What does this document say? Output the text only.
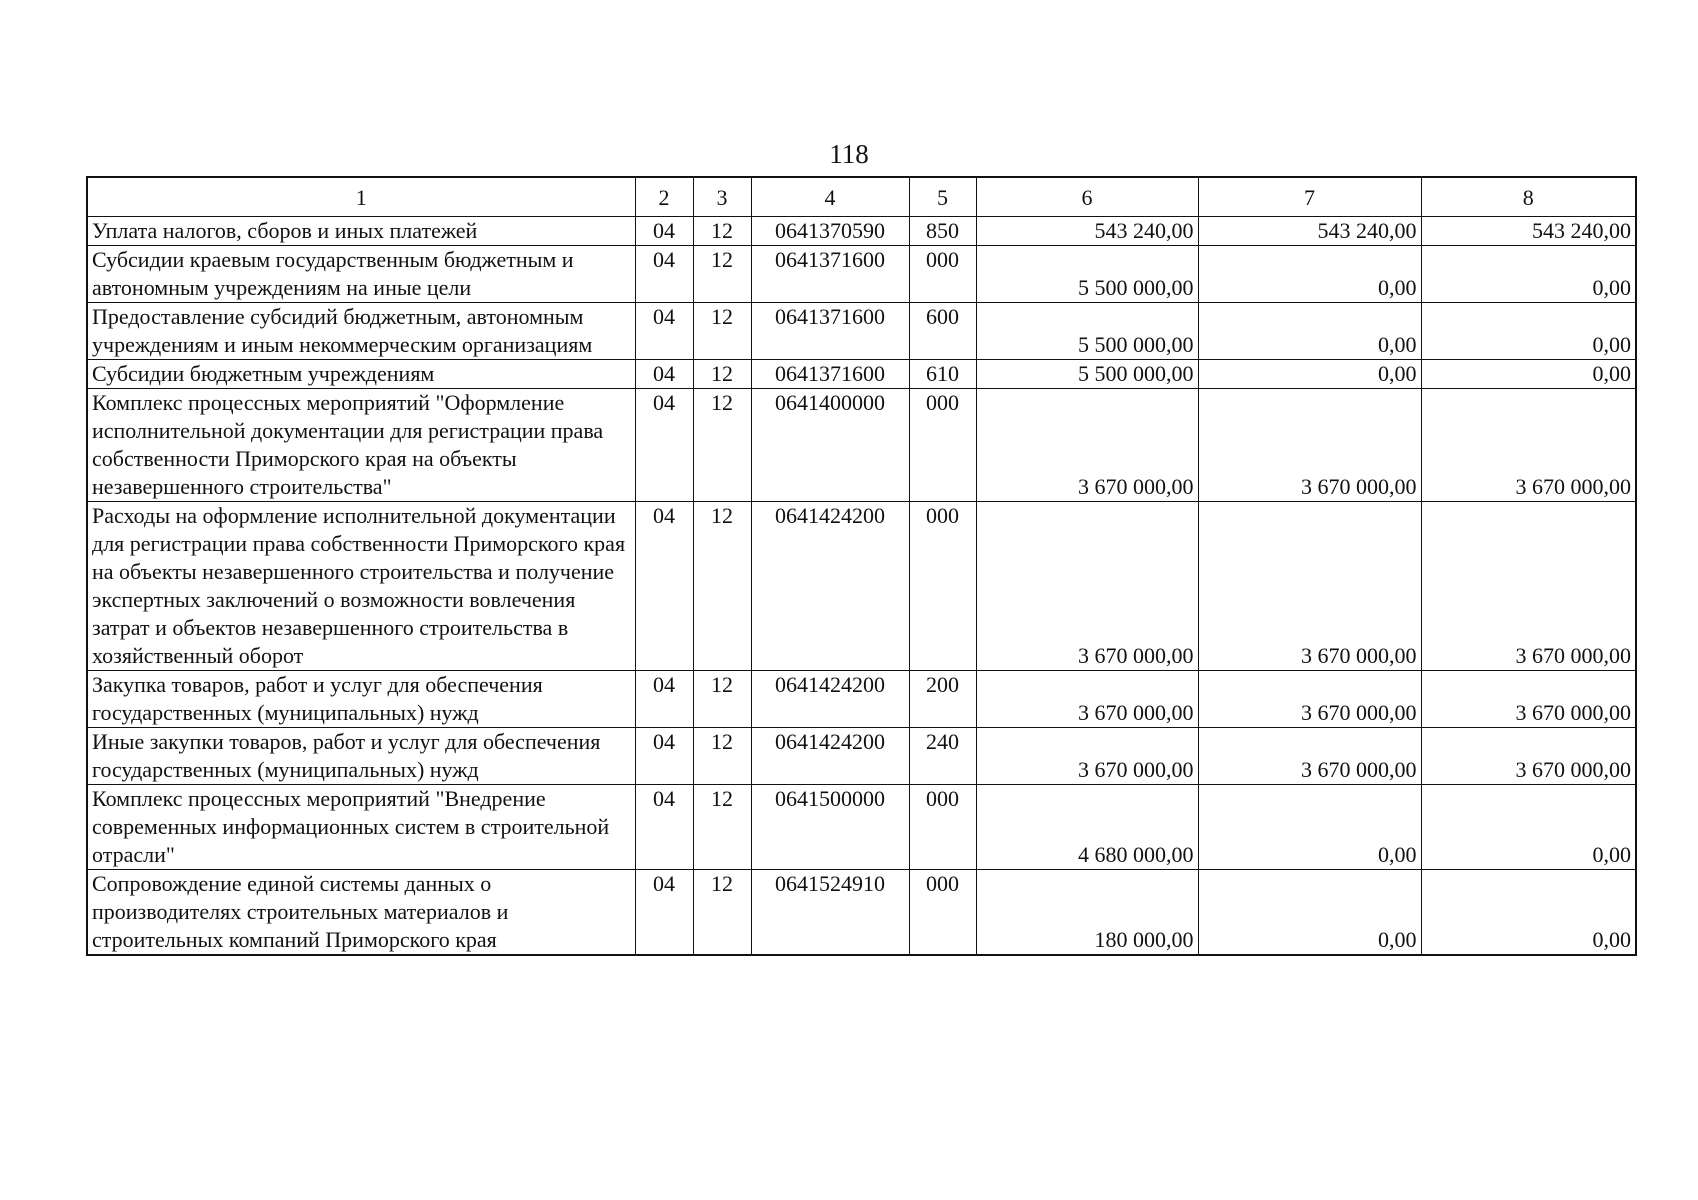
118
1	2	3	4	5	6	7	8
Уплата налогов, сборов и иных платежей	04	12	0641370590	850	543 240,00	543 240,00	543 240,00
Субсидии краевым государственным бюджетным и автономным учреждениям на иные цели	04	12	0641371600	000	5 500 000,00	0,00	0,00
Предоставление субсидий бюджетным, автономным учреждениям и иным некоммерческим организациям	04	12	0641371600	600	5 500 000,00	0,00	0,00
Субсидии бюджетным учреждениям	04	12	0641371600	610	5 500 000,00	0,00	0,00
Комплекс процессных мероприятий "Оформление исполнительной документации для регистрации права собственности Приморского края на объекты незавершенного строительства"	04	12	0641400000	000	3 670 000,00	3 670 000,00	3 670 000,00
Расходы на оформление исполнительной документации для регистрации права собственности Приморского края на объекты незавершенного строительства и получение экспертных заключений о возможности вовлечения затрат и объектов незавершенного строительства в хозяйственный оборот	04	12	0641424200	000	3 670 000,00	3 670 000,00	3 670 000,00
Закупка товаров, работ и услуг для обеспечения государственных (муниципальных) нужд	04	12	0641424200	200	3 670 000,00	3 670 000,00	3 670 000,00
Иные закупки товаров, работ и услуг для обеспечения государственных (муниципальных) нужд	04	12	0641424200	240	3 670 000,00	3 670 000,00	3 670 000,00
Комплекс процессных мероприятий "Внедрение современных информационных систем в строительной отрасли"	04	12	0641500000	000	4 680 000,00	0,00	0,00
Сопровождение единой системы данных о производителях строительных материалов и строительных компаний Приморского края	04	12	0641524910	000	180 000,00	0,00	0,00
